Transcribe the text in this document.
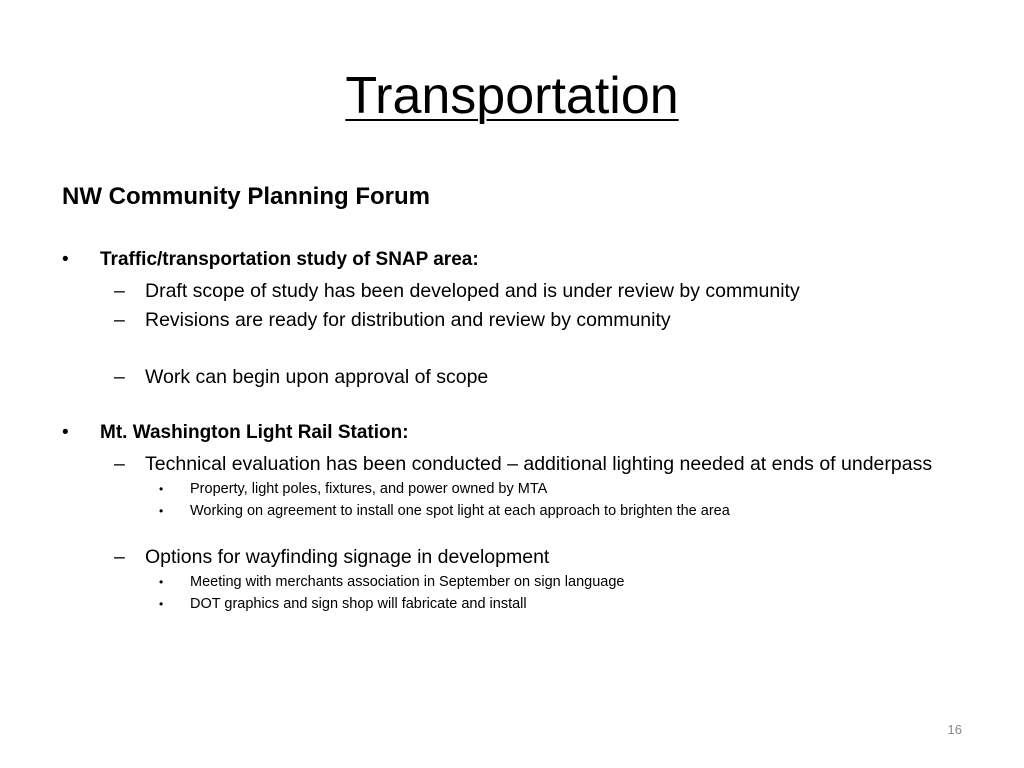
Transportation
NW Community Planning Forum
• Traffic/transportation study of SNAP area:
– Draft scope of study has been developed and is under review by community
– Revisions are ready for distribution and review by community
– Work can begin upon approval of scope
• Mt. Washington Light Rail Station:
– Technical evaluation has been conducted – additional lighting needed at ends of underpass
• Property, light poles, fixtures, and power owned by MTA
• Working on agreement to install one spot light at each approach to brighten the area
– Options for wayfinding signage in development
• Meeting with merchants association in September on sign language
• DOT graphics and sign shop will fabricate and install
16
